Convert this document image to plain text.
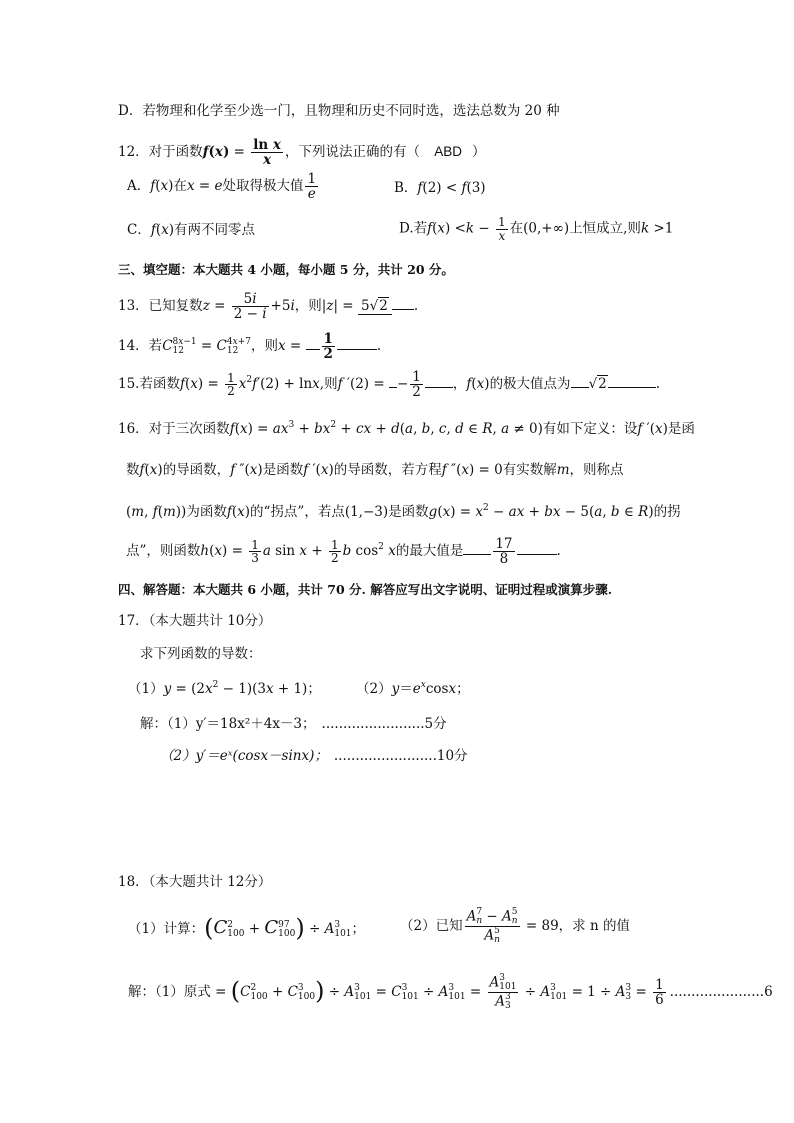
D．若物理和化学至少选一门，且物理和历史不同时选，选法总数为 20 种
12．对于函数$f(x) = \frac{\text{ln x}}{x}$ ，下列说法正确的有（ ABD ）
A．f(x)在x = e处取得极大值 $\frac{1}{e}$	B．f(2) < f(3)
C．f(x)有两不同零点	D.若$f(x) <k - \frac{1}{x}$ 在(0,+∞)上恒成立,则k >1
三、填空题：本大题共 4 小题，每小题 5 分，共计 20 分。
13．已知复数$z = \frac{5i}{2 - i} +5i$，则|z| = 5√2 .
14．若C 8x−1
12 = C 4x+7
12 ，则$x = \frac{1}{2}$	.
15.若函数$f(x) = \frac{1}{2} x^2f'(2) + \ln x$,则f ′(2) = − $\frac{1}{2}$ ，f(x)的极大值点为 √2	.
16．对于三次函数$f(x) = ax^3 + bx^2$ + cx + d(a, b, c, d ∈ R, a ≠ 0)有如下定义：设f ′(x)是函
数f(x)的导函数，f ″(x)是函数f ′(x)的导函数，若方程f ″(x) = 0有实数解m，则称点
(m, f(m))为函数f(x)的“拐点”，若点(1,−3)是函数$g(x) = x^2$ − ax + bx − 5(a, b ∈ R)的拐
点”，则函数$h(x) = \frac{1}{3}$ a $\sin x + \frac{1}{2}$ b $\cos^2 x$的最大值是 $\frac{17}{8}$	.
四、解答题：本大题共 6 小题，共计 70 分. 解答应写出文字说明、证明过程或演算步骤.
17．（本大题共计 10分）
求下列函数的导数：
$(1)y = (2x^2 - 1)(3x + 1)$；	$(2)y=e^x\cos x$；
解：（1）y′＝18x²＋4x－3； ........................5分
（2）y′＝eˣ(cosx－sinx)； ........................10分
18．（本大题共计 12分）
（1）计算：(C 2
100 + C 97
100 ) ÷ A 3
101 ；	（2）已知 A 7
n − A 5
n
A 5
n = 89，求 n 的值
解：（1）原式 = (C 2
100 + C 3
100 ) ÷ A 3
101 = C 3
101 ÷ A 3
101 = A 3
101
A 3
3 ÷ A 3
101 = 1 ÷ A 3
$3 = \frac{1}{6} ......................6$
